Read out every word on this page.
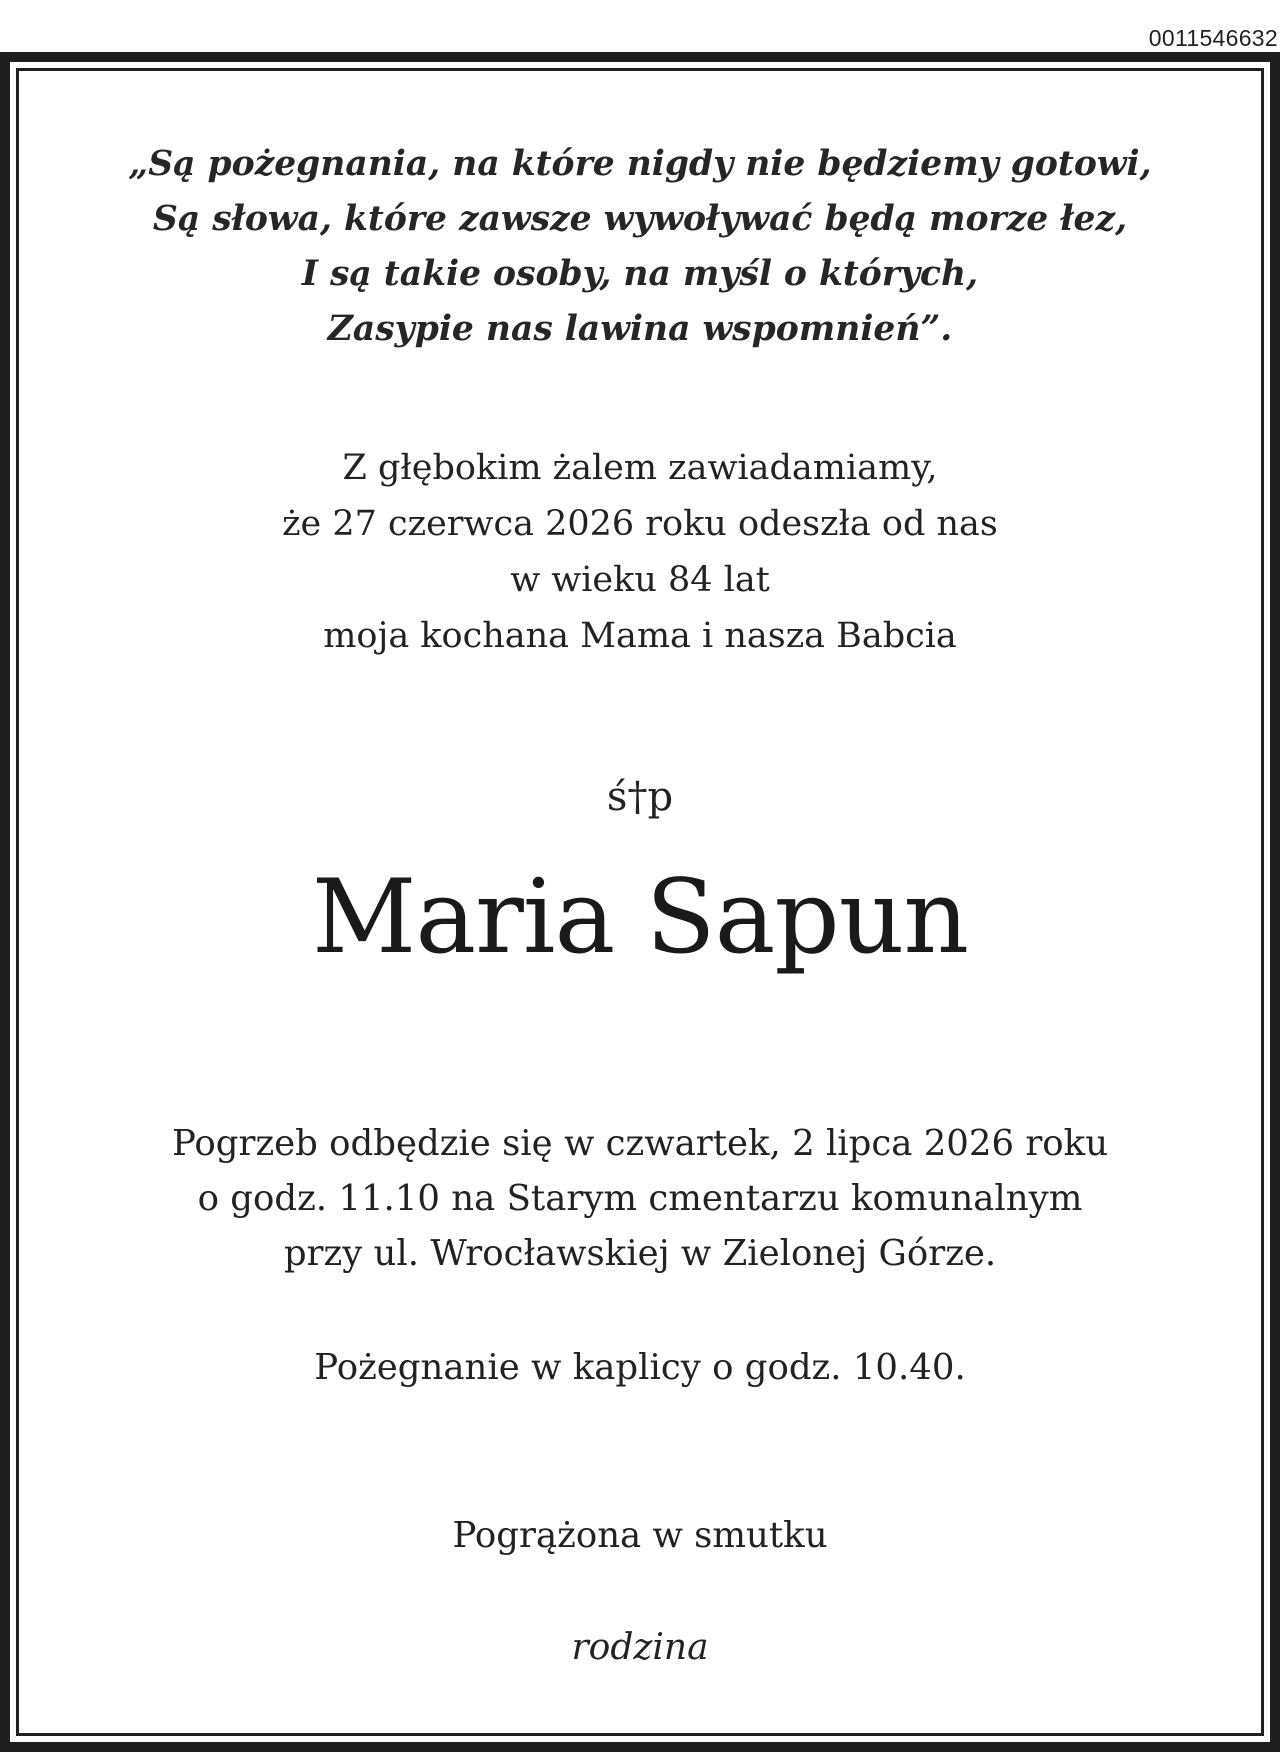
0011546632
„Są pożegnania, na które nigdy nie będziemy gotowi,
Są słowa, które zawsze wywoływać będą morze łez,
I są takie osoby, na myśl o których,
Zasypie nas lawina wspomnień”.
Z głębokim żalem zawiadamiamy,
że 27 czerwca 2026 roku odeszła od nas
w wieku 84 lat
moja kochana Mama i nasza Babcia
ś†p
Maria Sapun
Pogrzeb odbędzie się w czwartek, 2 lipca 2026 roku
o godz. 11.10 na Starym cmentarzu komunalnym
przy ul. Wrocławskiej w Zielonej Górze.
Pożegnanie w kaplicy o godz. 10.40.
Pogrążona w smutku
rodzina
